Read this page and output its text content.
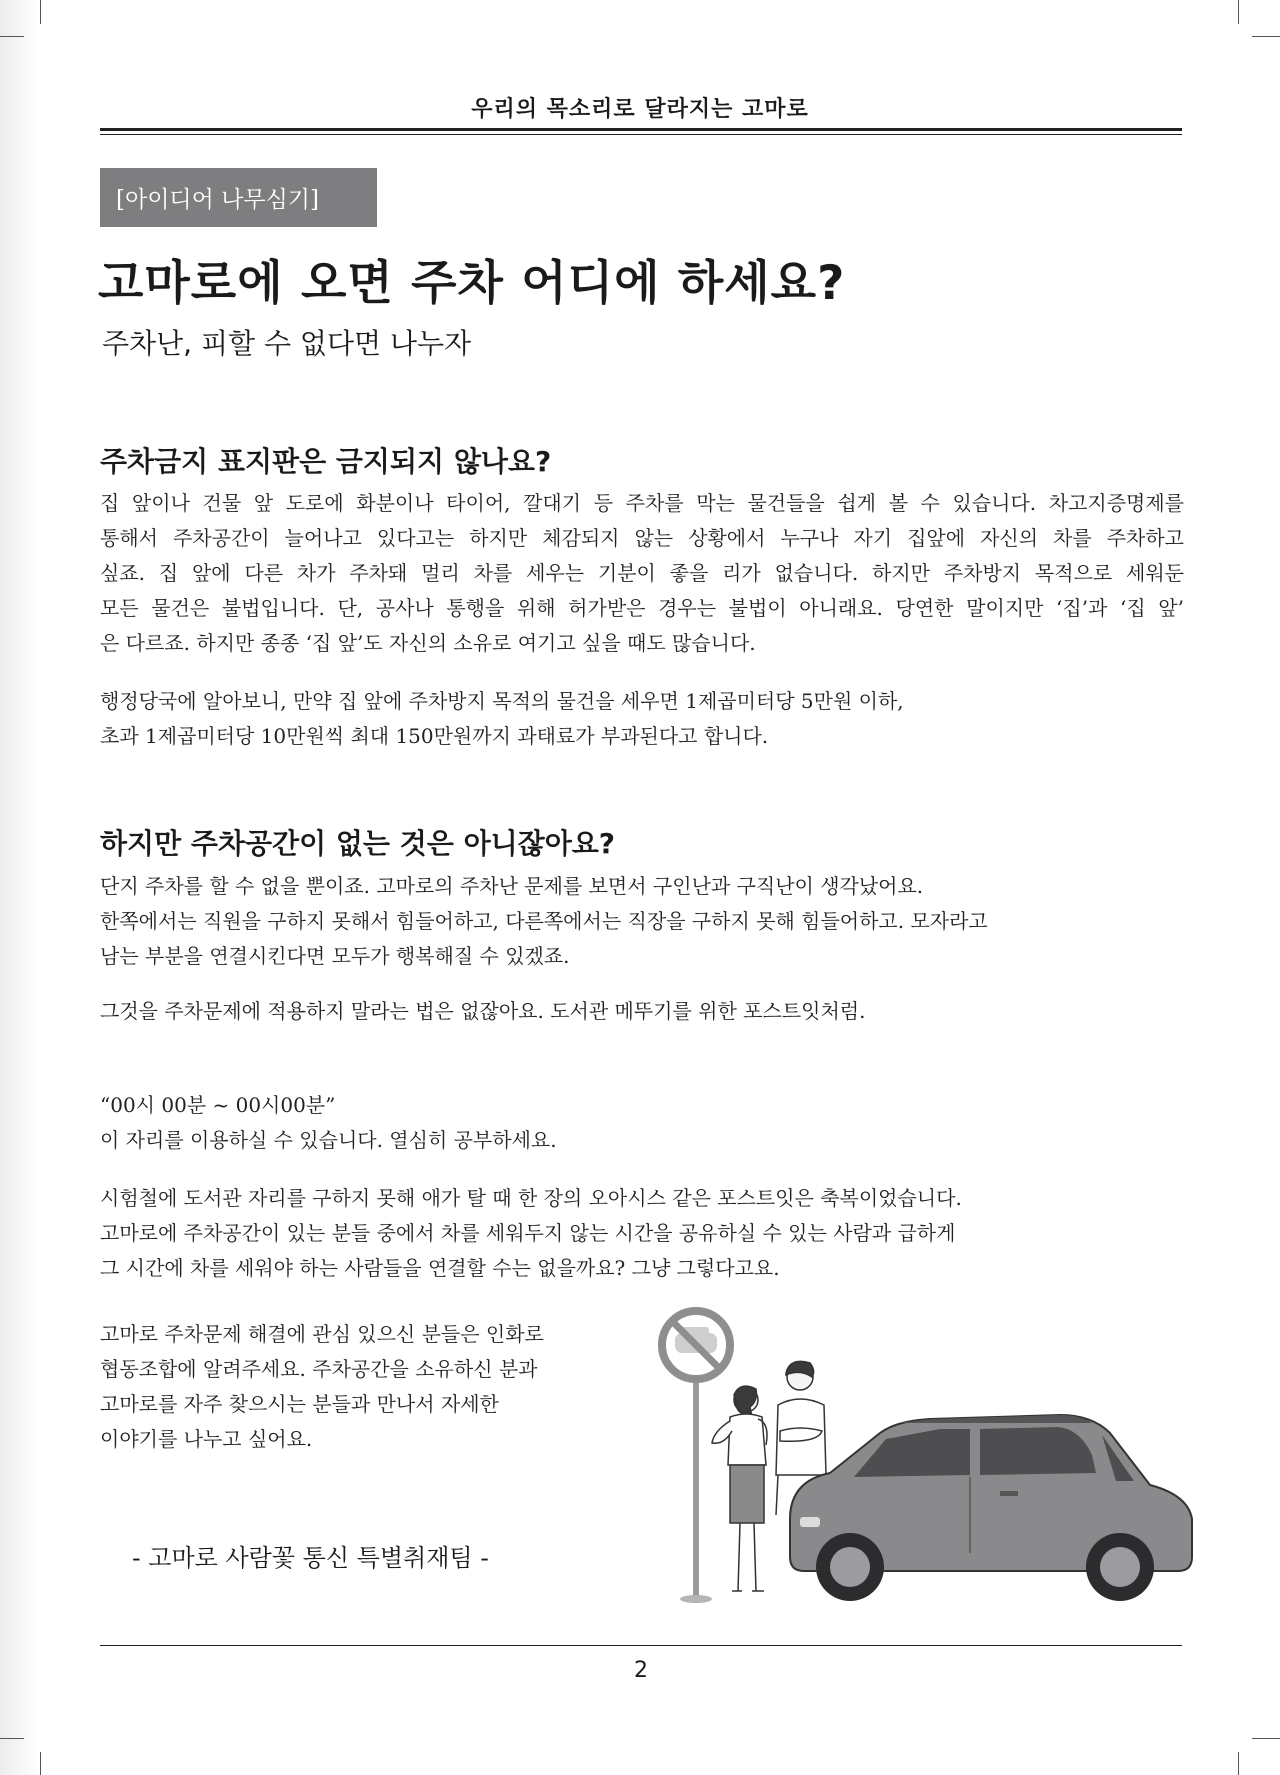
우리의 목소리로 달라지는 고마로
[아이디어 나무심기]
고마로에 오면 주차 어디에 하세요?
주차난, 피할 수 없다면 나누자
주차금지 표지판은 금지되지 않나요?
집 앞이나 건물 앞 도로에 화분이나 타이어, 깔대기 등 주차를 막는 물건들을 쉽게 볼 수 있습니다. 차고지증명제를
통해서 주차공간이 늘어나고 있다고는 하지만 체감되지 않는 상황에서 누구나 자기 집앞에 자신의 차를 주차하고
싶죠. 집 앞에 다른 차가 주차돼 멀리 차를 세우는 기분이 좋을 리가 없습니다. 하지만 주차방지 목적으로 세워둔
모든 물건은 불법입니다. 단, 공사나 통행을 위해 허가받은 경우는 불법이 아니래요. 당연한 말이지만 ‘집’과 ‘집 앞’
은 다르죠. 하지만 종종 ‘집 앞’도 자신의 소유로 여기고 싶을 때도 많습니다.
행정당국에 알아보니, 만약 집 앞에 주차방지 목적의 물건을 세우면 1제곱미터당 5만원 이하,
초과 1제곱미터당 10만원씩 최대 150만원까지 과태료가 부과된다고 합니다.
하지만 주차공간이 없는 것은 아니잖아요?
단지 주차를 할 수 없을 뿐이죠. 고마로의 주차난 문제를 보면서 구인난과 구직난이 생각났어요.
한쪽에서는 직원을 구하지 못해서 힘들어하고, 다른쪽에서는 직장을 구하지 못해 힘들어하고. 모자라고
남는 부분을 연결시킨다면 모두가 행복해질 수 있겠죠.
그것을 주차문제에 적용하지 말라는 법은 없잖아요. 도서관 메뚜기를 위한 포스트잇처럼.
“00시 00분 ~ 00시00분”
이 자리를 이용하실 수 있습니다. 열심히 공부하세요.
시험철에 도서관 자리를 구하지 못해 애가 탈 때 한 장의 오아시스 같은 포스트잇은 축복이었습니다.
고마로에 주차공간이 있는 분들 중에서 차를 세워두지 않는 시간을 공유하실 수 있는 사람과 급하게
그 시간에 차를 세워야 하는 사람들을 연결할 수는 없을까요? 그냥 그렇다고요.
고마로 주차문제 해결에 관심 있으신 분들은 인화로
협동조합에 알려주세요. 주차공간을 소유하신 분과
고마로를 자주 찾으시는 분들과 만나서 자세한
이야기를 나누고 싶어요.
- 고마로 사람꽃 통신 특별취재팀 -
2
